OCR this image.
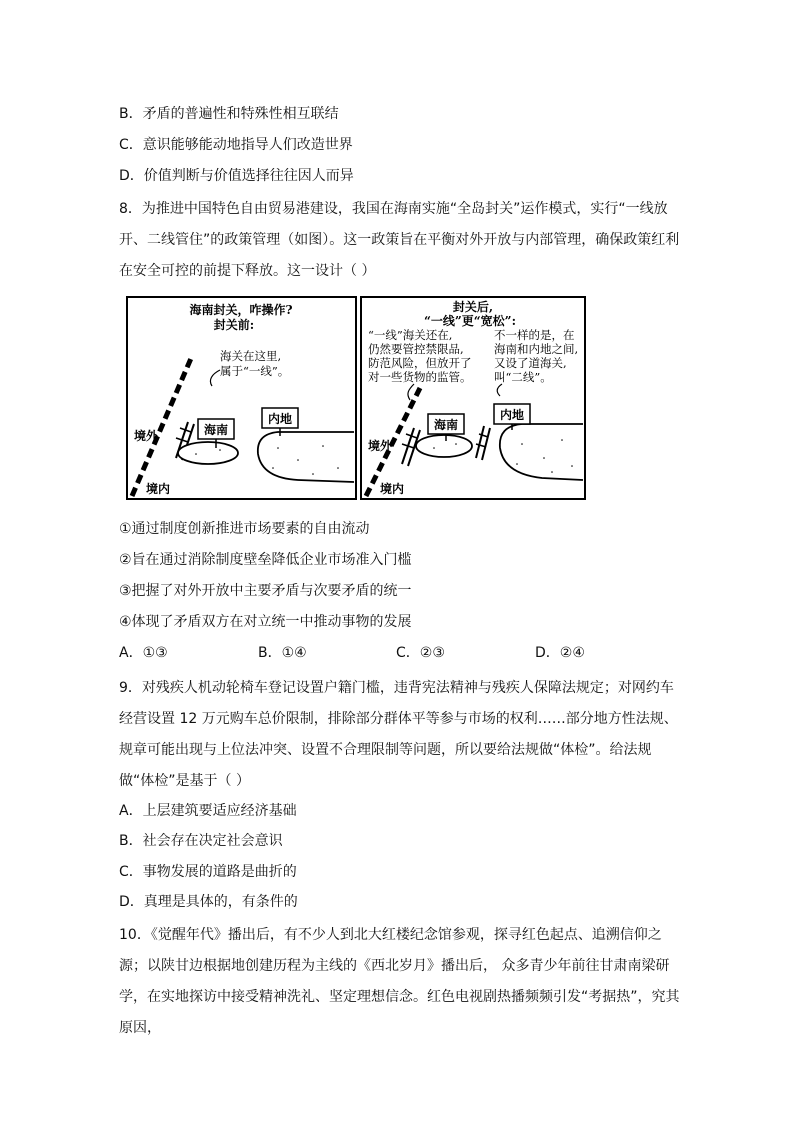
B．矛盾的普遍性和特殊性相互联结
C．意识能够能动地指导人们改造世界
D．价值判断与价值选择往往因人而异
8．为推进中国特色自由贸易港建设，我国在海南实施“全岛封关”运作模式，实行“一线放开、二线管住”的政策管理（如图）。这一政策旨在平衡对外开放与内部管理，确保政策红利在安全可控的前提下释放。这一设计（ ）
海南封关，咋操作?
封关前:
海关在这里,
属于“一线”。
海南
内地
境外
境内
封关后,
“一线”更“宽松”:
“一线”海关还在,
仍然要管控禁限品,
防范风险，但放开了
对一些货物的监管。
不一样的是，在
海南和内地之间,
又设了道海关,
叫“二线”。
海南
内地
境外
境内
①通过制度创新推进市场要素的自由流动
②旨在通过消除制度壁垒降低企业市场准入门槛
③把握了对外开放中主要矛盾与次要矛盾的统一
④体现了矛盾双方在对立统一中推动事物的发展
A．①③	B．①④	C．②③	D．②④
9．对残疾人机动轮椅车登记设置户籍门槛，违背宪法精神与残疾人保障法规定；对网约车经营设置 12 万元购车总价限制，排除部分群体平等参与市场的权利……部分地方性法规、规章可能出现与上位法冲突、设置不合理限制等问题，所以要给法规做“体检”。给法规做“体检”是基于（ ）
A．上层建筑要适应经济基础
B．社会存在决定社会意识
C．事物发展的道路是曲折的
D．真理是具体的，有条件的
10．《觉醒年代》播出后，有不少人到北大红楼纪念馆参观，探寻红色起点、追溯信仰之源；以陕甘边根据地创建历程为主线的《西北岁月》播出后， 众多青少年前往甘肃南梁研学，在实地探访中接受精神洗礼、坚定理想信念。红色电视剧热播频频引发“考据热”，究其原因，
